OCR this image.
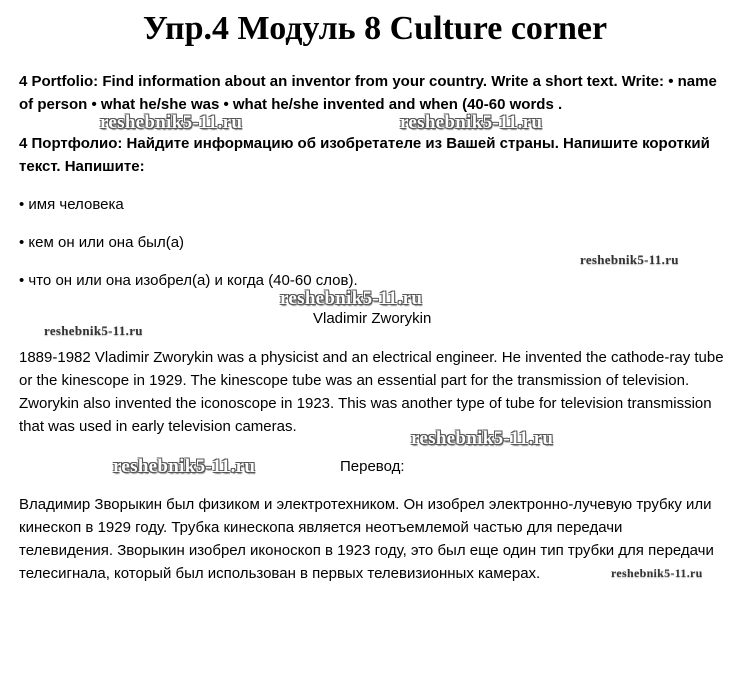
Упр.4 Модуль 8 Culture corner

4 Portfolio: Find information about an inventor from your country. Write a short text. Write: • name of person • what he/she was • what he/she invented and when (40-60 words .

reshebnik5-11.ru	reshebnik5-11.ru

4 Портфолио: Найдите информацию об изобретателе из Вашей страны. Напишите короткий текст. Напишите:

• имя человека

• кем он или она был(а)

reshebnik5-11.ru

• что он или она изобрел(а) и когда (40-60 слов).

reshebnik5-11.ru
Vladimir Zworykin
reshebnik5-11.ru

1889-1982 Vladimir Zworykin was a physicist and an electrical engineer. He invented the cathode-ray tube or the kinescope in 1929. The kinescope tube was an essential part for the transmission of television. Zworykin also invented the iconoscope in 1923. This was another type of tube for television transmission that was used in early television cameras.

reshebnik5-11.ru
reshebnik5-11.ru	Перевод:

Владимир Зворыкин был физиком и электротехником. Он изобрел электронно-лучевую трубку или кинескоп в 1929 году. Трубка кинескопа является неотъемлемой частью для передачи телевидения. Зворыкин изобрел иконоскоп в 1923 году, это был еще один тип трубки для передачи телесигнала, который был использован в первых телевизионных камерах.	reshebnik5-11.ru
